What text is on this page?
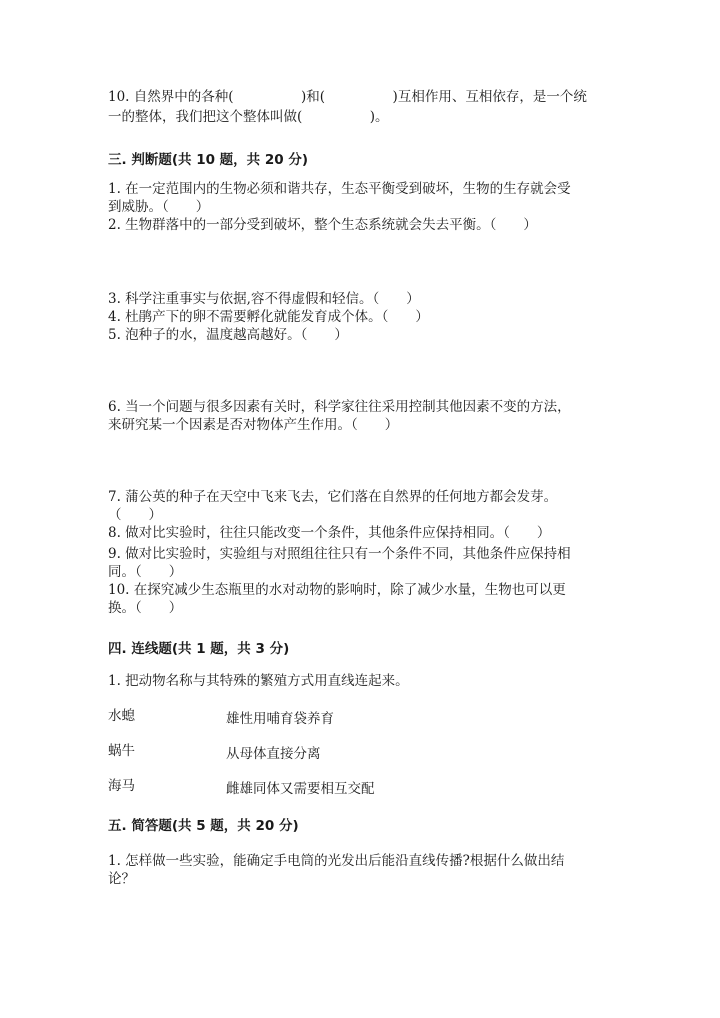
10. 自然界中的各种(　　　　　)和(　　　　　)互相作用、互相依存，是一个统
一的整体，我们把这个整体叫做(　　　　　)。
三. 判断题(共 10 题，共 20 分)
1. 在一定范围内的生物必须和谐共存，生态平衡受到破坏，生物的生存就会受
到威胁。（　　）
2. 生物群落中的一部分受到破坏，整个生态系统就会失去平衡。（　　）
3. 科学注重事实与依据,容不得虚假和轻信。（　　）
4. 杜鹃产下的卵不需要孵化就能发育成个体。（　　）
5. 泡种子的水，温度越高越好。（　　）
6. 当一个问题与很多因素有关时，科学家往往采用控制其他因素不变的方法，
来研究某一个因素是否对物体产生作用。（　　）
7. 蒲公英的种子在天空中飞来飞去，它们落在自然界的任何地方都会发芽。
（　　）
8. 做对比实验时，往往只能改变一个条件，其他条件应保持相同。（　　）
9. 做对比实验时，实验组与对照组往往只有一个条件不同，其他条件应保持相
同。（　　）
10. 在探究减少生态瓶里的水对动物的影响时，除了减少水量，生物也可以更
换。（　　）
四. 连线题(共 1 题，共 3 分)
1. 把动物名称与其特殊的繁殖方式用直线连起来。
水螅	雄性用哺育袋养育
蜗牛	从母体直接分离
海马	雌雄同体又需要相互交配
五. 简答题(共 5 题，共 20 分)
1. 怎样做一些实验，能确定手电筒的光发出后能沿直线传播?根据什么做出结
论？
